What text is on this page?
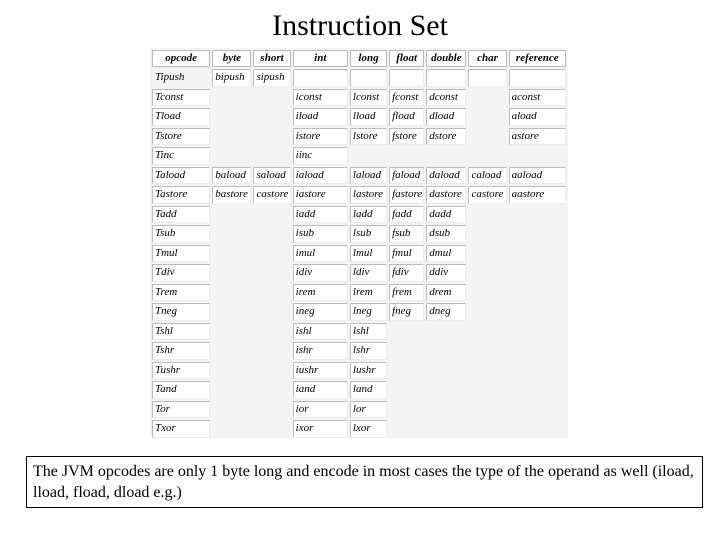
Instruction Set
opcode	byte	short	int	long	float	double	char	reference
Tipush	bipush	sipush						
Tconst			iconst	lconst	fconst	dconst		aconst
Tload			iload	lload	fload	dload		aload
Tstore			istore	lstore	fstore	dstore		astore
Tinc			iinc					
Taload	baload	saload	iaload	laload	faload	daload	caload	aaload
Tastore	bastore	castore	iastore	lastore	fastore	dastore	castore	aastore
Tadd			iadd	ladd	fadd	dadd		
Tsub			isub	lsub	fsub	dsub		
Tmul			imul	lmul	fmul	dmul		
Tdiv			idiv	ldiv	fdiv	ddiv		
Trem			irem	lrem	frem	drem		
Tneg			ineg	lneg	fneg	dneg		
Tshl			ishl	lshl				
Tshr			ishr	lshr				
Tushr			iushr	lushr				
Tand			iand	land				
Tor			ior	lor				
Txor			ixor	lxor				
The JVM opcodes are only 1 byte long and encode in most cases the type of the operand as well (iload, lload, fload, dload e.g.)
